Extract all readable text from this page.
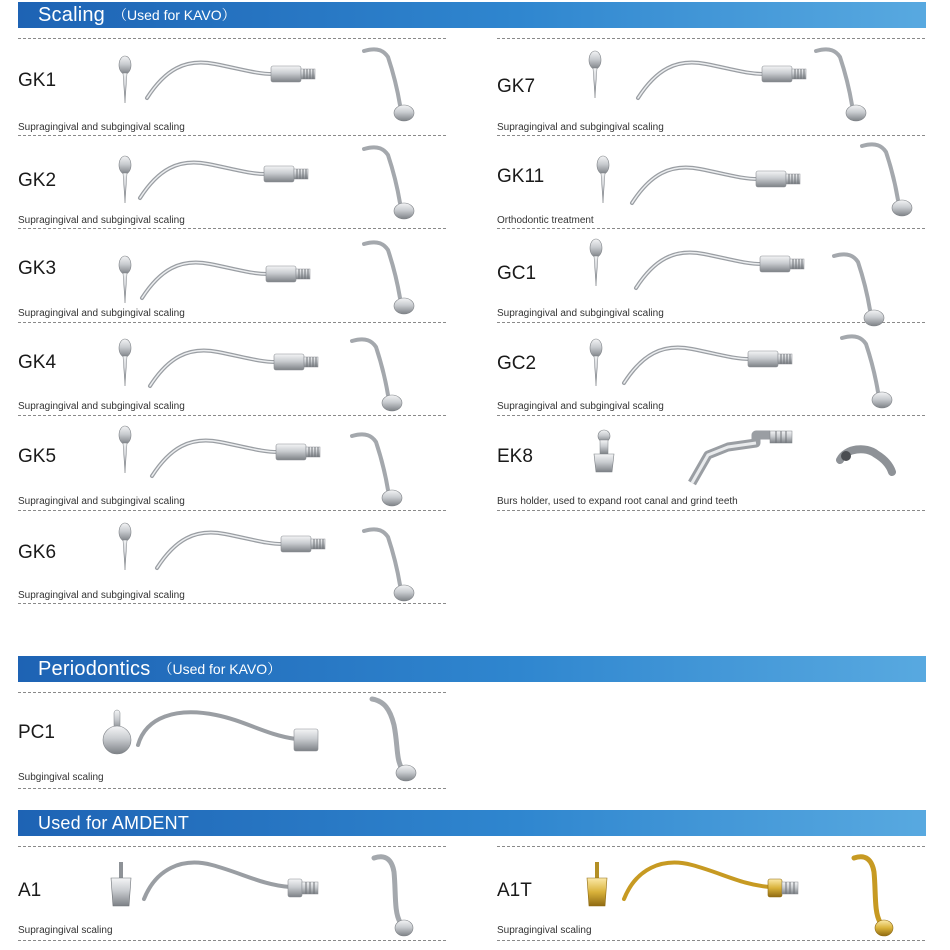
Scaling （Used for KAVO）
GK1
Supragingival and subgingival scaling
GK2
Supragingival and subgingival scaling
GK3
Supragingival and subgingival scaling
GK4
Supragingival and subgingival scaling
GK5
Supragingival and subgingival scaling
GK6
Supragingival and subgingival scaling
GK7
Supragingival and subgingival scaling
GK11
Orthodontic treatment
GC1
Supragingival and subgingival scaling
GC2
Supragingival and subgingival scaling
EK8
Burs holder, used to expand root canal and grind teeth
Periodontics （Used for KAVO）
PC1
Subgingival scaling
Used for AMDENT
A1
Supragingival scaling
A1T
Supragingival scaling
